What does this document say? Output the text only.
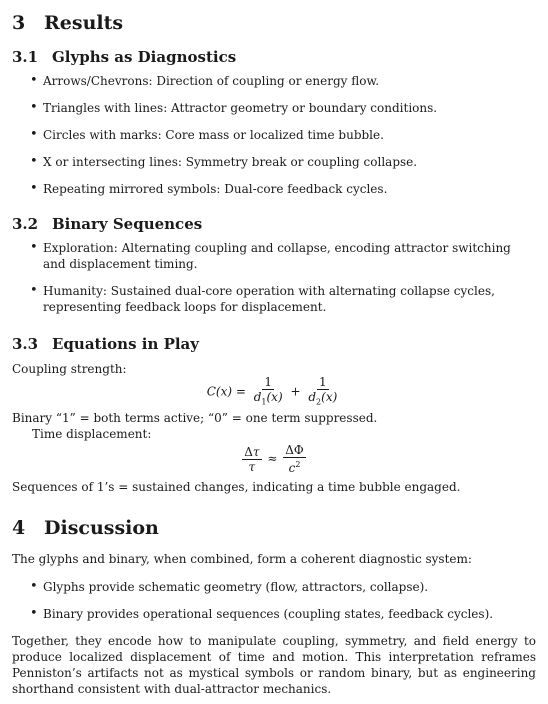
3 Results
3.1 Glyphs as Diagnostics
• Arrows/Chevrons: Direction of coupling or energy flow.
• Triangles with lines: Attractor geometry or boundary conditions.
• Circles with marks: Core mass or localized time bubble.
• X or intersecting lines: Symmetry break or coupling collapse.
• Repeating mirrored symbols: Dual-core feedback cycles.
3.2 Binary Sequences
• Exploration: Alternating coupling and collapse, encoding attractor switching and displacement timing.
• Humanity: Sustained dual-core operation with alternating collapse cycles, representing feedback loops for displacement.
3.3 Equations in Play

Coupling strength:

$C(x) = \frac{1}{d_1(x)} + \frac{1}{d_2(x)}$

Binary “1” = both terms active; “0” = one term suppressed.

Time displacement:

$\frac{\Delta\tau}{\tau} \approx \frac{\Delta\Phi}{c^2}$

Sequences of 1’s = sustained changes, indicating a time bubble engaged.

4 Discussion

The glyphs and binary, when combined, form a coherent diagnostic system:

• Glyphs provide schematic geometry (flow, attractors, collapse).
• Binary provides operational sequences (coupling states, feedback cycles).

Together, they encode how to manipulate coupling, symmetry, and field energy to produce localized displacement of time and motion. This interpretation reframes Penniston’s artifacts not as mystical symbols or random binary, but as engineering shorthand consistent with dual-attractor mechanics.
